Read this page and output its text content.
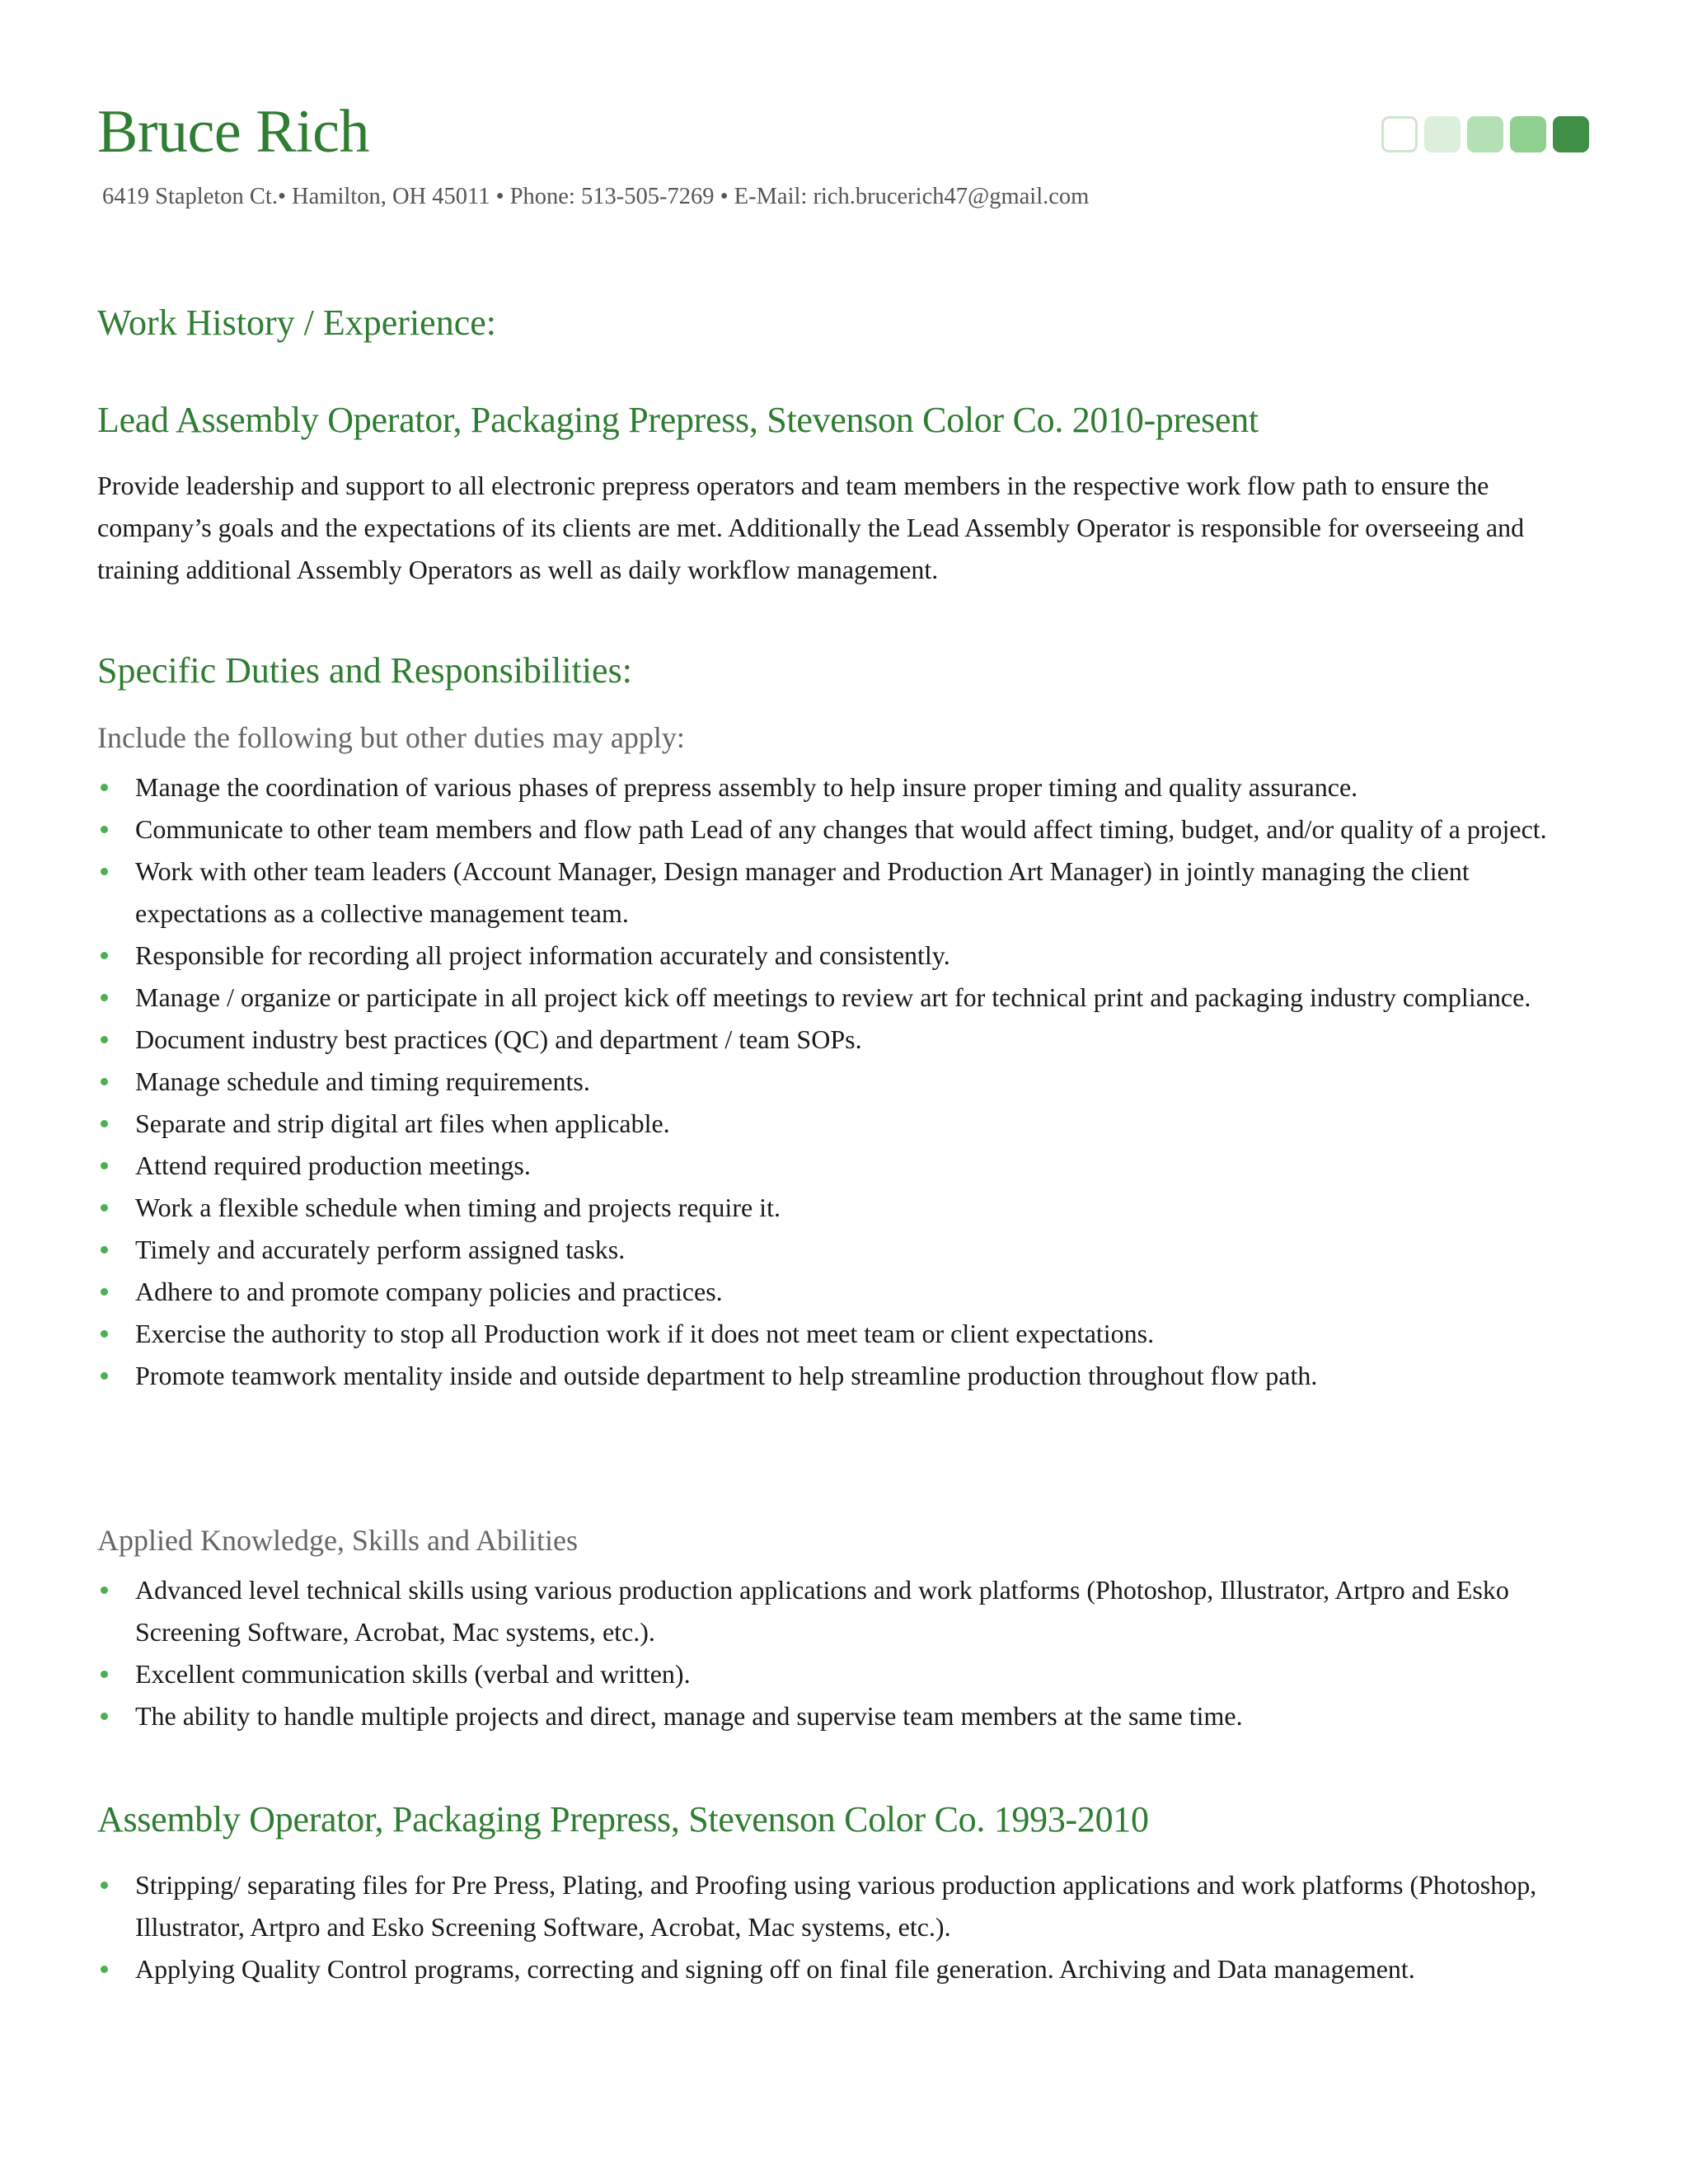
Bruce Rich
6419 Stapleton Ct.• Hamilton, OH 45011 • Phone: 513-505-7269 • E-Mail: rich.brucerich47@gmail.com
Work History / Experience:
Lead Assembly Operator, Packaging Prepress, Stevenson Color Co. 2010-present

Provide leadership and support to all electronic prepress operators and team members in the respective work flow path to ensure the company’s goals and the expectations of its clients are met. Additionally the Lead Assembly Operator is responsible for overseeing and training additional Assembly Operators as well as daily workflow management.

Specific Duties and Responsibilities:
Include the following but other duties may apply:
Manage the coordination of various phases of prepress assembly to help insure proper timing and quality assurance.
Communicate to other team members and flow path Lead of any changes that would affect timing, budget, and/or quality of a project.
Work with other team leaders (Account Manager, Design manager and Production Art Manager) in jointly managing the client expectations as a collective management team.
Responsible for recording all project information accurately and consistently.
Manage / organize or participate in all project kick off meetings to review art for technical print and packaging industry compliance.
Document industry best practices (QC) and department / team SOPs.
Manage schedule and timing requirements.
Separate and strip digital art files when applicable.
Attend required production meetings.
Work a flexible schedule when timing and projects require it.
Timely and accurately perform assigned tasks.
Adhere to and promote company policies and practices.
Exercise the authority to stop all Production work if it does not meet team or client expectations.
Promote teamwork mentality inside and outside department to help streamline production throughout flow path.
Applied Knowledge, Skills and Abilities
Advanced level technical skills using various production applications and work platforms (Photoshop, Illustrator, Artpro and Esko Screening Software, Acrobat, Mac systems, etc.).
Excellent communication skills (verbal and written).
The ability to handle multiple projects and direct, manage and supervise team members at the same time.
Assembly Operator, Packaging Prepress, Stevenson Color Co. 1993-2010
Stripping/ separating files for Pre Press, Plating, and Proofing using various production applications and work platforms (Photoshop, Illustrator, Artpro and Esko Screening Software, Acrobat, Mac systems, etc.).
Applying Quality Control programs, correcting and signing off on final file generation. Archiving and Data management.
